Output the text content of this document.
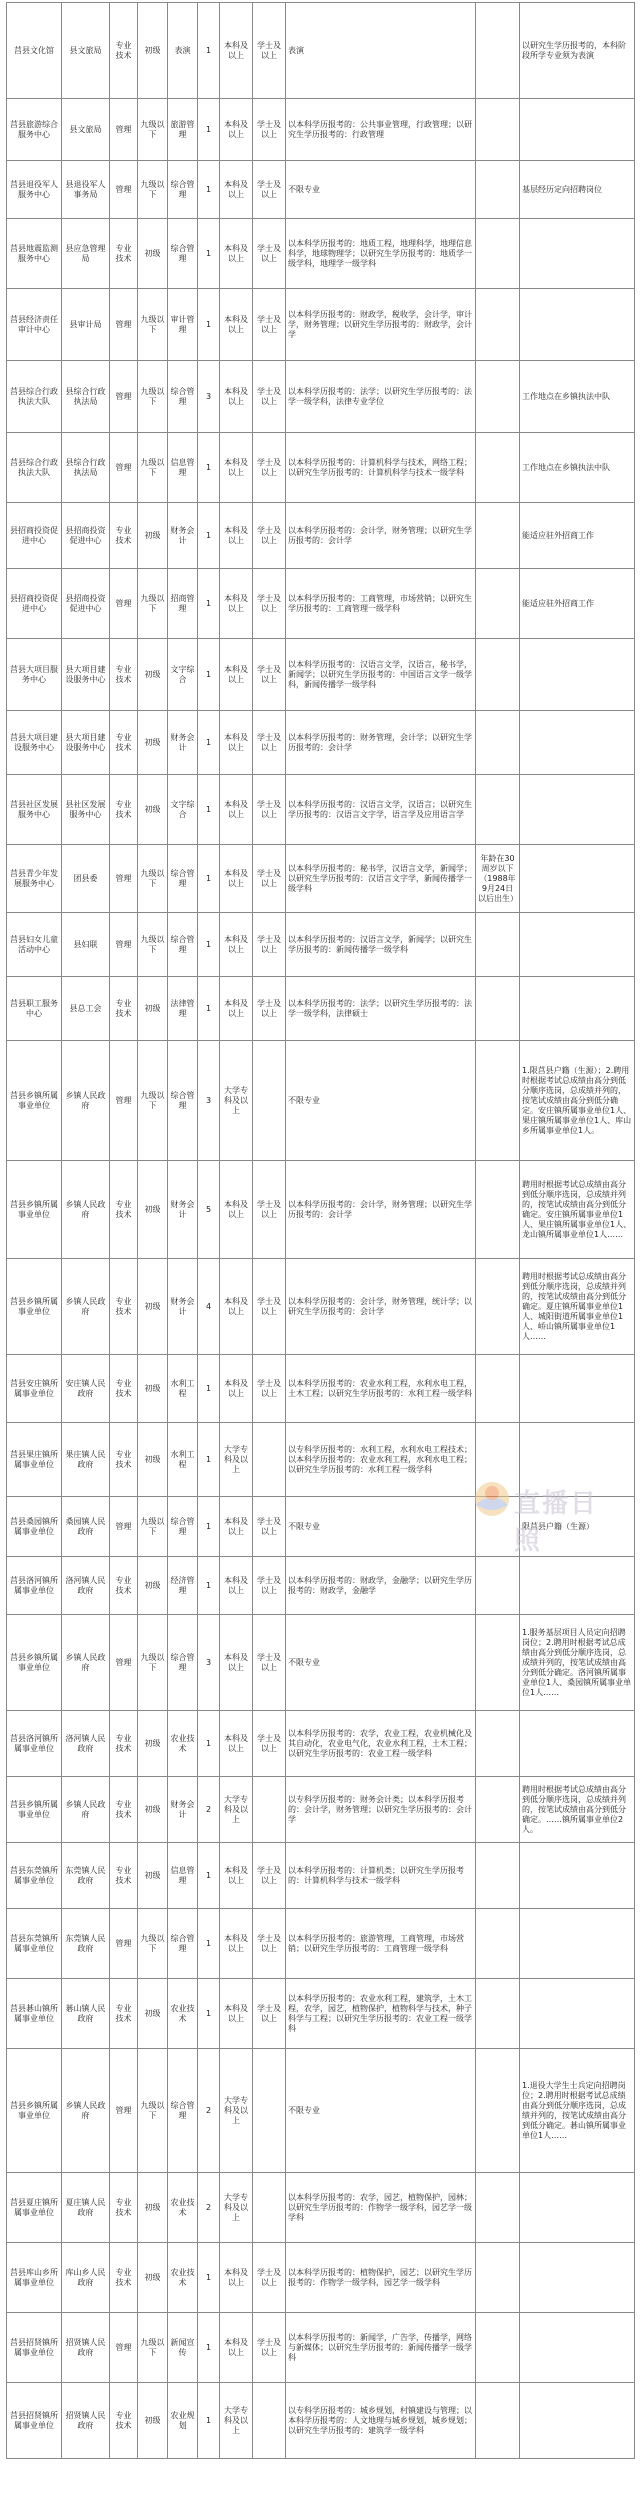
莒县文化馆	县文旅局	专业技术	初级	表演	1	本科及以上	学士及以上	表演		以研究生学历报考的，本科阶段所学专业须为表演
莒县旅游综合服务中心	县文旅局	管理	九级以下	旅游管理	1	本科及以上	学士及以上	以本科学历报考的：公共事业管理，行政管理；以研究生学历报考的：行政管理		
莒县退役军人服务中心	县退役军人事务局	管理	九级以下	综合管理	1	本科及以上	学士及以上	不限专业		基层经历定向招聘岗位
莒县地震监测服务中心	县应急管理局	专业技术	初级	综合管理	1	本科及以上	学士及以上	以本科学历报考的：地质工程，地理科学，地理信息科学，地球物理学；以研究生学历报考的：地质学一级学科，地理学一级学科		
莒县经济责任审计中心	县审计局	管理	九级以下	审计管理	1	本科及以上	学士及以上	以本科学历报考的：财政学，税收学，会计学，审计学，财务管理；以研究生学历报考的：财政学，会计学		
莒县综合行政执法大队	县综合行政执法局	管理	九级以下	综合管理	3	本科及以上	学士及以上	以本科学历报考的：法学；以研究生学历报考的：法学一级学科，法律专业学位		工作地点在乡镇执法中队
莒县综合行政执法大队	县综合行政执法局	管理	九级以下	信息管理	1	本科及以上	学士及以上	以本科学历报考的：计算机科学与技术，网络工程；以研究生学历报考的：计算机科学与技术一级学科		工作地点在乡镇执法中队
县招商投资促进中心	县招商投资促进中心	专业技术	初级	财务会计	1	本科及以上	学士及以上	以本科学历报考的：会计学，财务管理；以研究生学历报考的：会计学		能适应驻外招商工作
县招商投资促进中心	县招商投资促进中心	管理	九级以下	招商管理	1	本科及以上	学士及以上	以本科学历报考的：工商管理，市场营销；以研究生学历报考的：工商管理一级学科		能适应驻外招商工作
莒县大项目服务中心	县大项目建设服务中心	专业技术	初级	文字综合	1	本科及以上	学士及以上	以本科学历报考的：汉语言文学，汉语言，秘书学，新闻学；以研究生学历报考的：中国语言文学一级学科，新闻传播学一级学科		
莒县大项目建设服务中心	县大项目建设服务中心	专业技术	初级	财务会计	1	本科及以上	学士及以上	以本科学历报考的：财务管理，会计学；以研究生学历报考的：会计学		
莒县社区发展服务中心	县社区发展服务中心	专业技术	初级	文字综合	1	本科及以上	学士及以上	以本科学历报考的：汉语言文学，汉语言；以研究生学历报考的：汉语言文字学，语言学及应用语言学		
莒县青少年发展服务中心	团县委	管理	九级以下	综合管理	1	本科及以上	学士及以上	以本科学历报考的：秘书学，汉语言文学，新闻学；以研究生学历报考的：汉语言文字学，新闻传播学一级学科	年龄在30周岁以下（1988年9月24日以后出生）	
莒县妇女儿童活动中心	县妇联	管理	九级以下	综合管理	1	本科及以上	学士及以上	以本科学历报考的：汉语言文学，新闻学；以研究生学历报考的：新闻传播学一级学科		
莒县职工服务中心	县总工会	专业技术	初级	法律管理	1	本科及以上	学士及以上	以本科学历报考的：法学；以研究生学历报考的：法学一级学科，法律硕士		
莒县乡镇所属事业单位	乡镇人民政府	管理	九级以下	综合管理	3	大学专科及以上		不限专业		1.限莒县户籍（生源）；2.聘用时根据考试总成绩由高分到低分顺序选岗，总成绩并列的，按笔试成绩由高分到低分确定。安庄镇所属事业单位1人、果庄镇所属事业单位1人、库山乡所属事业单位1人。
莒县乡镇所属事业单位	乡镇人民政府	专业技术	初级	财务会计	5	本科及以上	学士及以上	以本科学历报考的：会计学，财务管理；以研究生学历报考的：会计学		聘用时根据考试总成绩由高分到低分顺序选岗，总成绩并列的，按笔试成绩由高分到低分确定。安庄镇所属事业单位1人、果庄镇所属事业单位1人、龙山镇所属事业单位1人……
莒县乡镇所属事业单位	乡镇人民政府	专业技术	初级	财务会计	4	本科及以上	学士及以上	以本科学历报考的：会计学，财务管理，统计学；以研究生学历报考的：会计学		聘用时根据考试总成绩由高分到低分顺序选岗，总成绩并列的，按笔试成绩由高分到低分确定。夏庄镇所属事业单位1人、城阳街道所属事业单位1人、峤山镇所属事业单位1人……
莒县安庄镇所属事业单位	安庄镇人民政府	专业技术	初级	水利工程	1	本科及以上	学士及以上	以本科学历报考的：农业水利工程，水利水电工程，土木工程；以研究生学历报考的：水利工程一级学科		
莒县果庄镇所属事业单位	果庄镇人民政府	专业技术	初级	水利工程	1	大学专科及以上		以专科学历报考的：水利工程，水利水电工程技术；以本科学历报考的：农业水利工程，水利水电工程；以研究生学历报考的：水利工程一级学科		
莒县桑园镇所属事业单位	桑园镇人民政府	管理	九级以下	综合管理	1	本科及以上	学士及以上	不限专业		限莒县户籍（生源）
莒县洛河镇所属事业单位	洛河镇人民政府	专业技术	初级	经济管理	1	本科及以上	学士及以上	以本科学历报考的：财政学，金融学；以研究生学历报考的：财政学，金融学		
莒县乡镇所属事业单位	乡镇人民政府	管理	九级以下	综合管理	3	本科及以上	学士及以上	不限专业		1.服务基层项目人员定向招聘岗位；2.聘用时根据考试总成绩由高分到低分顺序选岗，总成绩并列的，按笔试成绩由高分到低分确定。洛河镇所属事业单位1人、桑园镇所属事业单位1人……
莒县洛河镇所属事业单位	洛河镇人民政府	专业技术	初级	农业技术	1	本科及以上	学士及以上	以本科学历报考的：农学，农业工程，农业机械化及其自动化，农业电气化，农业水利工程，土木工程；以研究生学历报考的：农业工程一级学科		
莒县乡镇所属事业单位	乡镇人民政府	专业技术	初级	财务会计	2	大学专科及以上		以专科学历报考的：财务会计类；以本科学历报考的：会计学，财务管理；以研究生学历报考的：会计学		聘用时根据考试总成绩由高分到低分顺序选岗，总成绩并列的，按笔试成绩由高分到低分确定。……镇所属事业单位2人。
莒县东莞镇所属事业单位	东莞镇人民政府	专业技术	初级	信息管理	1	本科及以上	学士及以上	以本科学历报考的：计算机类；以研究生学历报考的：计算机科学与技术一级学科		
莒县东莞镇所属事业单位	东莞镇人民政府	管理	九级以下	综合管理	1	本科及以上	学士及以上	以本科学历报考的：旅游管理，工商管理，市场营销；以研究生学历报考的：工商管理一级学科		
莒县碁山镇所属事业单位	碁山镇人民政府	专业技术	初级	农业技术	1	本科及以上	学士及以上	以本科学历报考的：农业水利工程，建筑学，土木工程，农学，园艺，植物保护，植物科学与技术，种子科学与工程；以研究生学历报考的：农业工程一级学科		
莒县乡镇所属事业单位	乡镇人民政府	管理	九级以下	综合管理	2	大学专科及以上		不限专业		1.退役大学生士兵定向招聘岗位；2.聘用时根据考试总成绩由高分到低分顺序选岗，总成绩并列的，按笔试成绩由高分到低分确定。碁山镇所属事业单位1人……
莒县夏庄镇所属事业单位	夏庄镇人民政府	专业技术	初级	农业技术	2	大学专科及以上		以本科学历报考的：农学，园艺，植物保护，园林；以研究生学历报考的：作物学一级学科，园艺学一级学科		
莒县库山乡所属事业单位	库山乡人民政府	专业技术	初级	农业技术	1	本科及以上	学士及以上	以本科学历报考的：植物保护，园艺；以研究生学历报考的：作物学一级学科，园艺学一级学科		
莒县招贤镇所属事业单位	招贤镇人民政府	管理	九级以下	新闻宣传	1	本科及以上	学士及以上	以本科学历报考的：新闻学，广告学，传播学，网络与新媒体；以研究生学历报考的：新闻传播学一级学科		
莒县招贤镇所属事业单位	招贤镇人民政府	专业技术	初级	农业规划	1	大学专科及以上		以专科学历报考的：城乡规划，村镇建设与管理；以本科学历报考的：人文地理与城乡规划，城乡规划；以研究生学历报考的：建筑学一级学科		
直播日照
